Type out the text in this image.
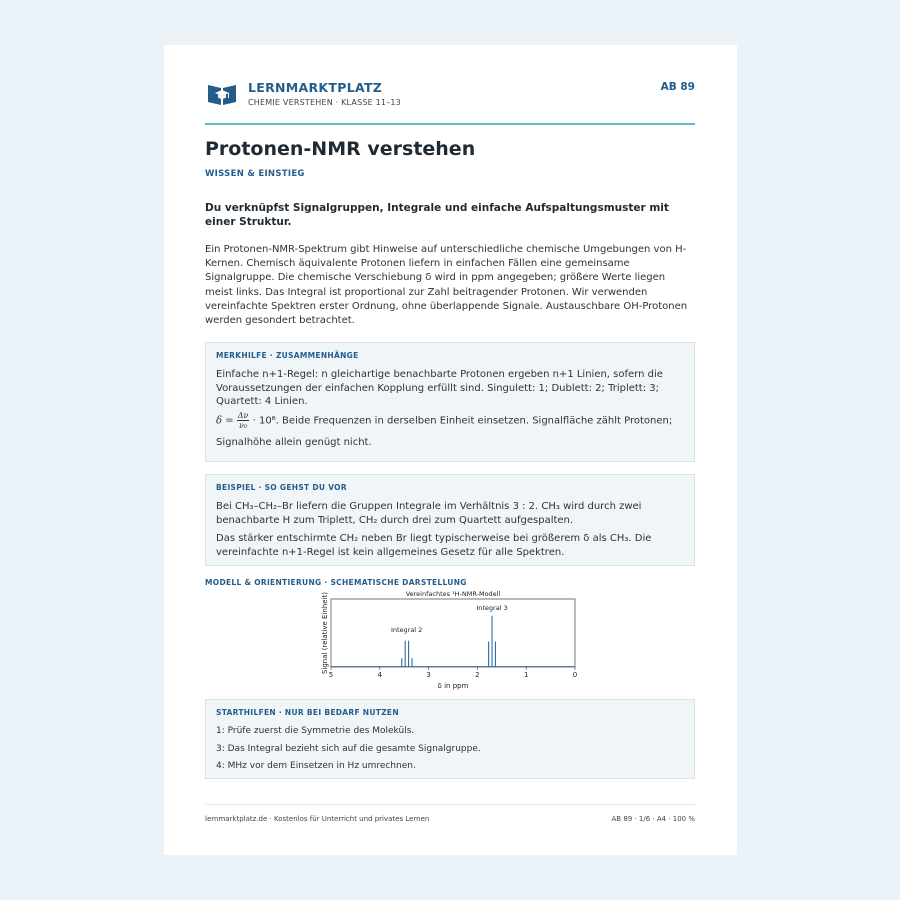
LERNMARKTPLATZ
CHEMIE VERSTEHEN · KLASSE 11–13
AB 89
Protonen-NMR verstehen
WISSEN & EINSTIEG
Du verknüpfst Signalgruppen, Integrale und einfache Aufspaltungsmuster mit einer Struktur.
Ein Protonen-NMR-Spektrum gibt Hinweise auf unterschiedliche chemische Umgebungen von H-Kernen. Chemisch äquivalente Protonen liefern in einfachen Fällen eine gemeinsame Signalgruppe. Die chemische Verschiebung δ wird in ppm angegeben; größere Werte liegen meist links. Das Integral ist proportional zur Zahl beitragender Protonen. Wir verwenden vereinfachte Spektren erster Ordnung, ohne überlappende Signale. Austauschbare OH-Protonen werden gesondert betrachtet.
MERKHILFE · ZUSAMMENHÄNGE

Einfache n+1-Regel: n gleichartige benachbarte Protonen ergeben n+1 Linien, sofern die Voraussetzungen der einfachen Kopplung erfüllt sind. Singulett: 1; Dublett: 2; Triplett: 3; Quartett: 4 Linien.

$\delta = \frac{\Delta\nu}{\text{ν₀}} \cdot 10^6$. Beide Frequenzen in derselben Einheit einsetzen. Signalfläche zählt Protonen;

Signalhöhe allein genügt nicht.

BEISPIEL · SO GEHST DU VOR

Bei CH₃–CH₂–Br liefern die Gruppen Integrale im Verhältnis 3 : 2. CH₃ wird durch zwei benachbarte H zum Triplett, CH₂ durch drei zum Quartett aufgespalten.

Das stärker entschirmte CH₂ neben Br liegt typischerweise bei größerem δ als CH₃. Die vereinfachte n+1-Regel ist kein allgemeines Gesetz für alle Spektren.

MODELL & ORIENTIERUNG · SCHEMATISCHE DARSTELLUNG
Vereinfachtes ¹H-NMR-Modell
5	4	3	2	1	0
δ in ppm
Signal (relative Einheit)	Integral 2
Integral 3
STARTHILFEN · NUR BEI BEDARF NUTZEN

1: Prüfe zuerst die Symmetrie des Moleküls.

3: Das Integral bezieht sich auf die gesamte Signalgruppe.

4: MHz vor dem Einsetzen in Hz umrechnen.

lernmarktplatz.de · Kostenlos für Unterricht und privates Lernen	AB 89 · 1/6 · A4 · 100 %
